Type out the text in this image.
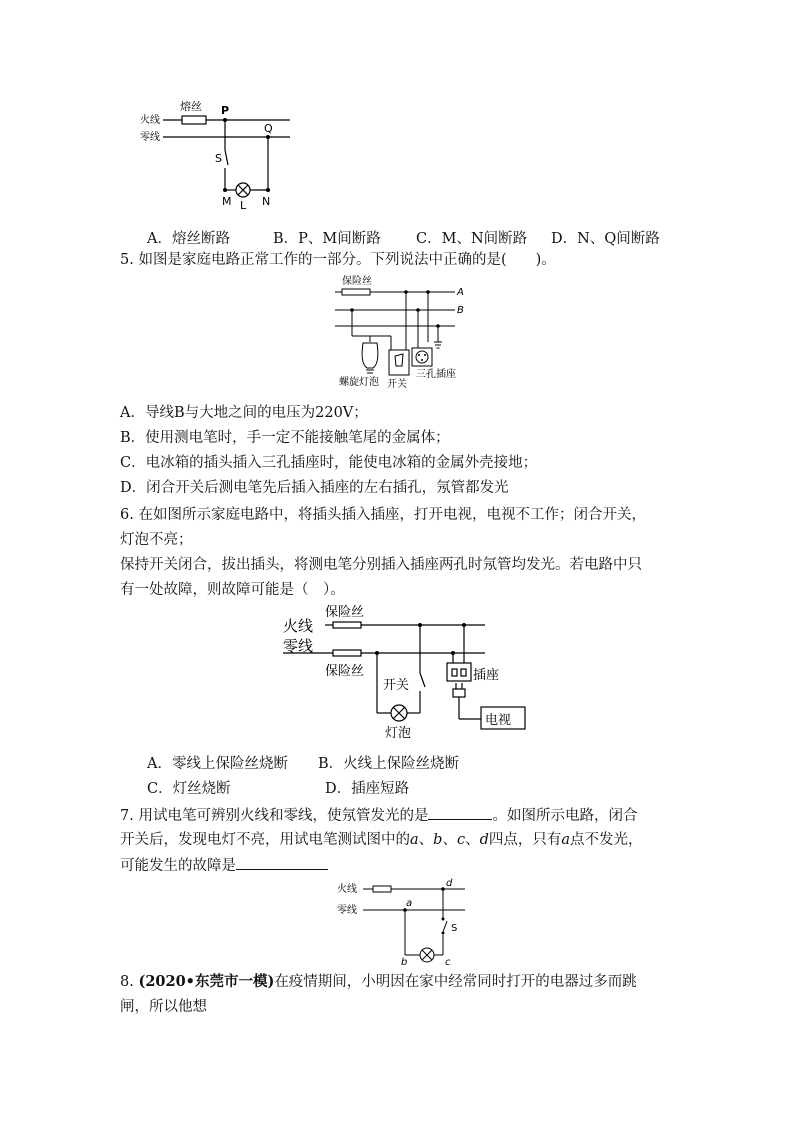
熔丝
火线
零线
P
Q
S
M L N
A．熔丝断路	B．P、M间断路 C．M、N间断路 D．N、Q间断路
5. 如图是家庭电路正常工作的一部分。下列说法中正确的是(　　)。
保险丝
A
B
螺旋灯泡 开关
三孔插座
A．导线B与大地之间的电压为220V；
B．使用测电笔时，手一定不能接触笔尾的金属体；
C．电冰箱的插头插入三孔插座时，能使电冰箱的金属外壳接地；
D．闭合开关后测电笔先后插入插座的左右插孔，氖管都发光
6. 在如图所示家庭电路中，将插头插入插座，打开电视，电视不工作；闭合开关，
灯泡不亮；
保持开关闭合，拔出插头，将测电笔分别插入插座两孔时氖管均发光。若电路中只
有一处故障，则故障可能是（　）。
火线
保险丝
零线
保险丝
开关
灯泡
插座
电视
A．零线上保险丝烧断 B．火线上保险丝烧断
C．灯丝烧断	D．插座短路
7. 用试电笔可辨别火线和零线，使氖管发光的是	。如图所示电路，闭合
开关后，发现电灯不亮，用试电笔测试图中的a、b、c、d四点，只有a点不发光，
可能发生的故障是
火线
零线
a
b	c
d
S
8. (2020•东莞市一模)在疫情期间，小明因在家中经常同时打开的电器过多而跳
闸，所以他想
